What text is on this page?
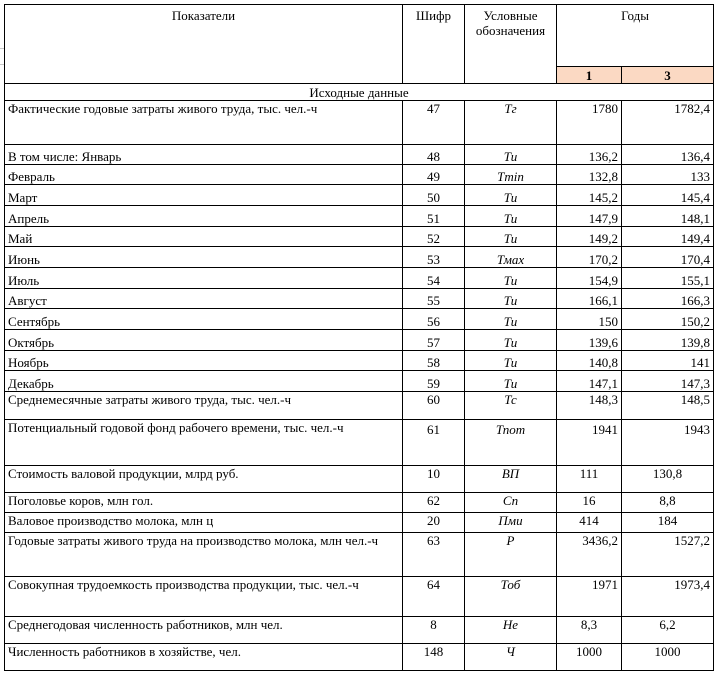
Показатели	Шифр	Условные обозначения	Годы	
			1	3
Исходные данные				
Фактические годовые затраты живого труда, тыс. чел.-ч	47	Тг	1780	1782,4
В том числе: Январь	48	Ти	136,2	136,4
Февраль	49	Тmin	132,8	133
Март	50	Ти	145,2	145,4
Апрель	51	Ти	147,9	148,1
Май	52	Ти	149,2	149,4
Июнь	53	Тмах	170,2	170,4
Июль	54	Ти	154,9	155,1
Август	55	Ти	166,1	166,3
Сентябрь	56	Ти	150	150,2
Октябрь	57	Ти	139,6	139,8
Ноябрь	58	Ти	140,8	141
Декабрь	59	Ти	147,1	147,3
Среднемесячные затраты живого труда, тыс. чел.-ч	60	Тс	148,3	148,5
Потенциальный годовой фонд рабочего времени, тыс. чел.-ч	61	Тпот	1941	1943
Стоимость валовой продукции, млрд руб.	10	ВП	111	130,8
Поголовье коров, млн гол.	62	Сп	16	8,8
Валовое производство молока, млн ц	20	Пми	414	184
Годовые затраты живого труда на производство молока, млн чел.-ч	63	Р	3436,2	1527,2
Совокупная трудоемкость производства продукции, тыс. чел.-ч	64	Тоб	1971	1973,4
Среднегодовая численность работников, млн чел.	8	Не	8,3	6,2
Численность работников в хозяйстве, чел.	148	Ч	1000	1000
